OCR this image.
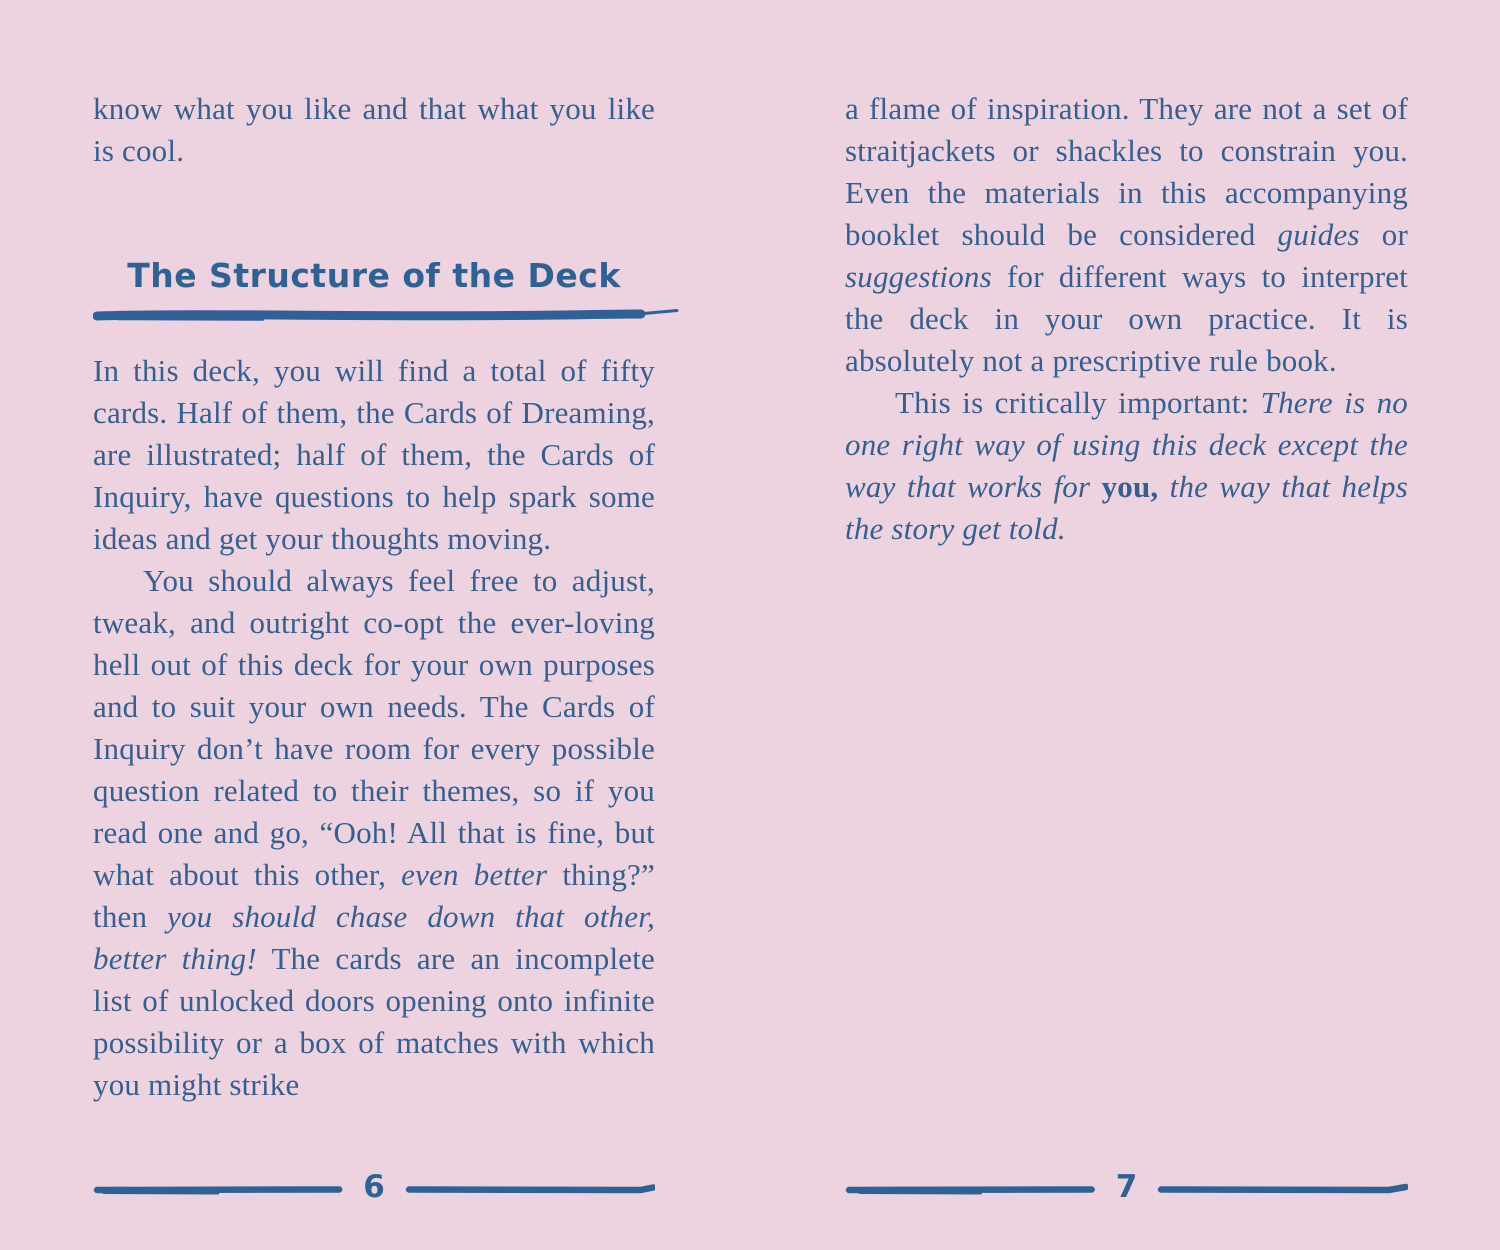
know what you like and that what you like is cool.

The Structure of the Deck

In this deck, you will find a total of fifty cards. Half of them, the Cards of Dreaming, are illustrated; half of them, the Cards of Inquiry, have questions to help spark some ideas and get your thoughts moving.

You should always feel free to adjust, tweak, and outright co-opt the ever-loving hell out of this deck for your own purposes and to suit your own needs. The Cards of Inquiry don’t have room for every possible question related to their themes, so if you read one and go, “Ooh! All that is fine, but what about this other, even better thing?” then you should chase down that other, better thing! The cards are an incomplete list of unlocked doors opening onto infinite possibility or a box of matches with which you might strike

6

a flame of inspiration. They are not a set of straitjackets or shackles to constrain you. Even the materials in this accompanying booklet should be considered guides or suggestions for different ways to interpret the deck in your own practice. It is absolutely not a prescriptive rule book.

This is critically important: There is no one right way of using this deck except the way that works for you, the way that helps the story get told.

7
